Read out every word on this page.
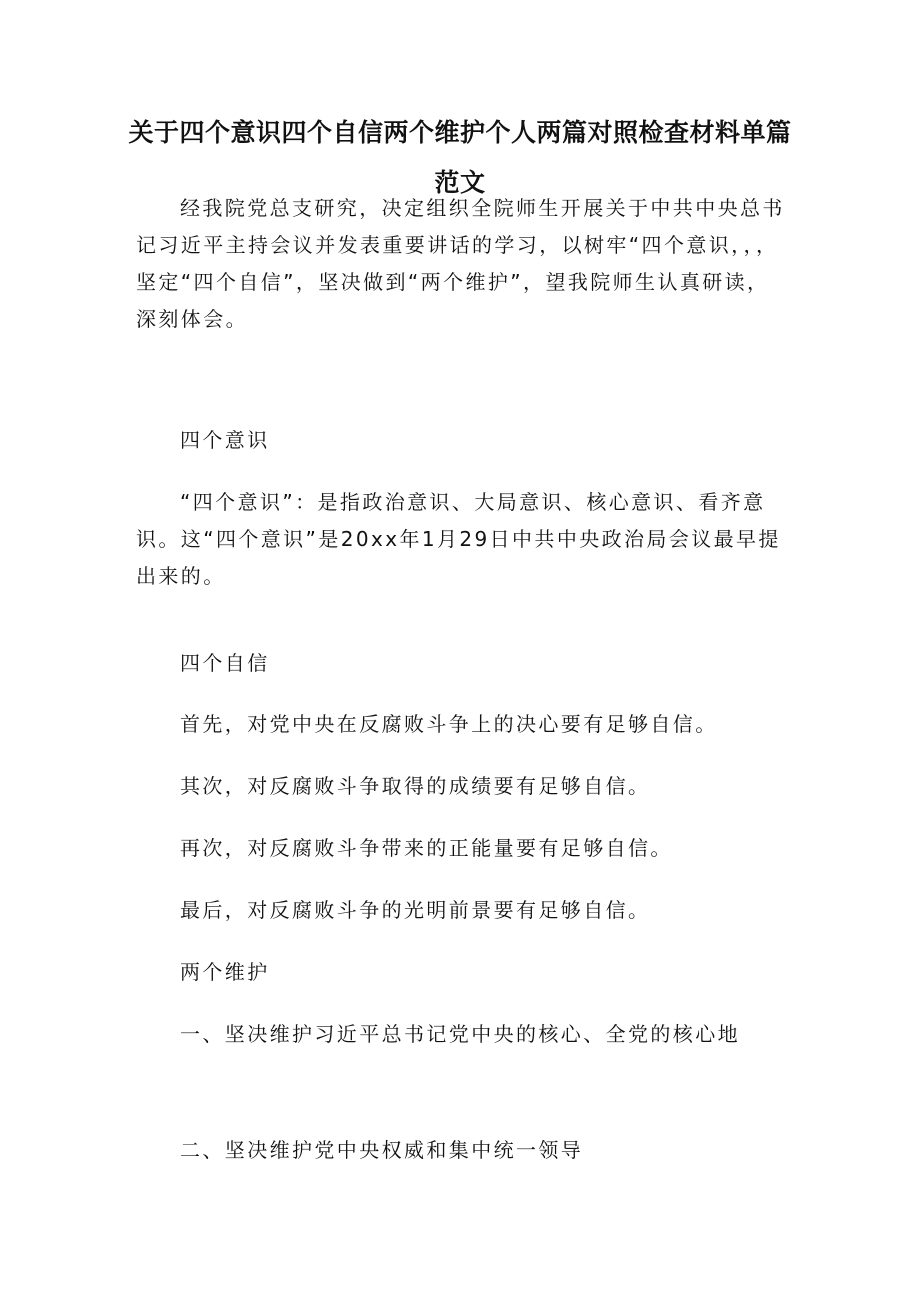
关于四个意识四个自信两个维护个人两篇对照检查材料单篇范文

经我院党总支研究，决定组织全院师生开展关于中共中央总书记习近平主持会议并发表重要讲话的学习，以树牢“四个意识，，，坚定“四个自信”，坚决做到“两个维护”，望我院师生认真研读，深刻体会。

四个意识

“四个意识”：是指政治意识、大局意识、核心意识、看齐意识。这“四个意识”是20xx年1月29日中共中央政治局会议最早提出来的。

四个自信

首先，对党中央在反腐败斗争上的决心要有足够自信。

其次，对反腐败斗争取得的成绩要有足够自信。

再次，对反腐败斗争带来的正能量要有足够自信。

最后，对反腐败斗争的光明前景要有足够自信。

两个维护

一、坚决维护习近平总书记党中央的核心、全党的核心地

二、坚决维护党中央权威和集中统一领导
